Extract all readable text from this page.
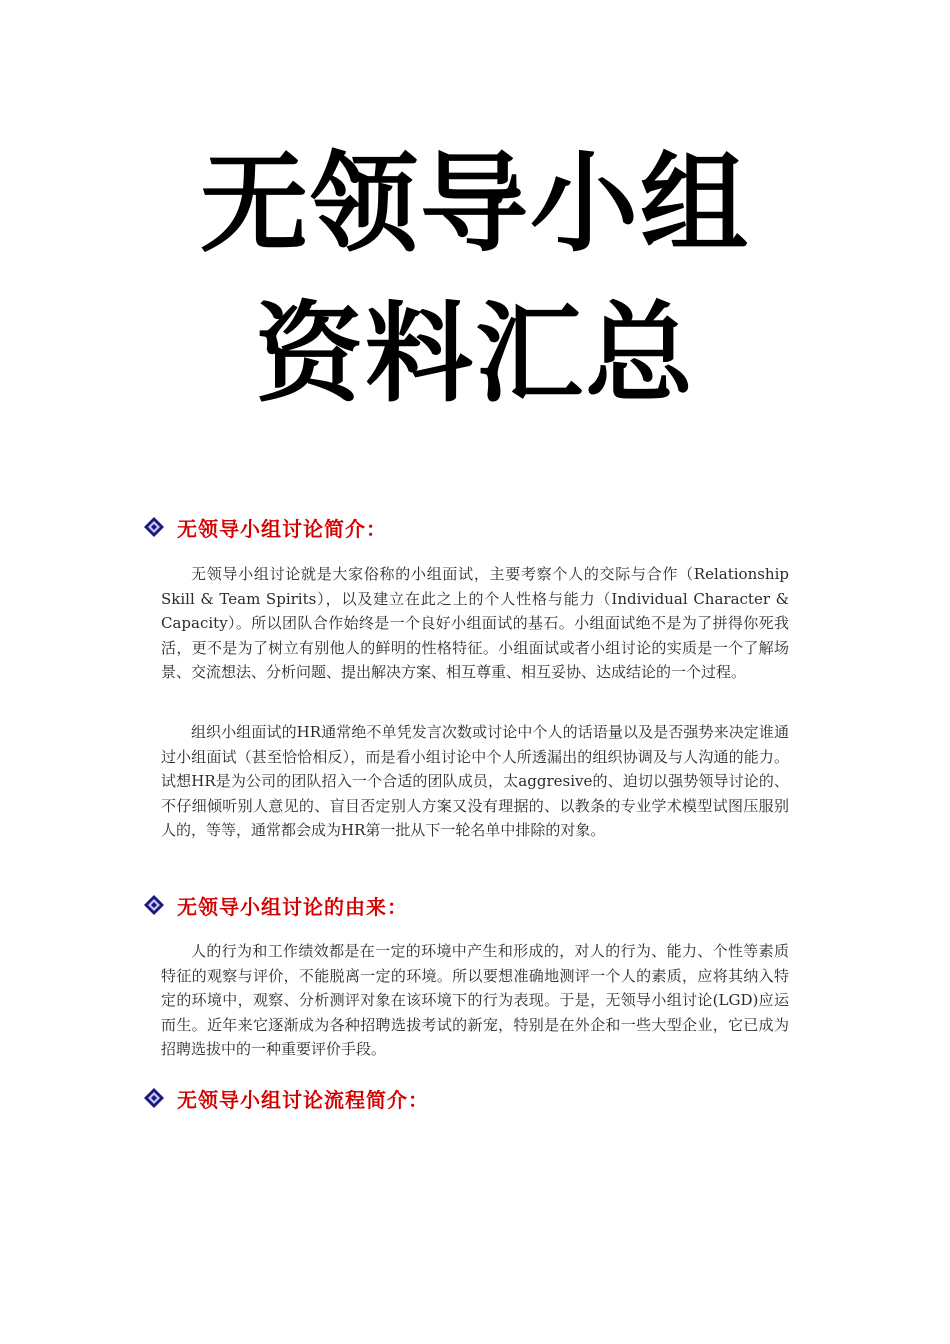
无领导小组
资料汇总
无领导小组讨论简介：

无领导小组讨论就是大家俗称的小组面试，主要考察个人的交际与合作（Relationship Skill & Team Spirits），以及建立在此之上的个人性格与能力（Individual Character & Capacity）。所以团队合作始终是一个良好小组面试的基石。小组面试绝不是为了拼得你死我活，更不是为了树立有别他人的鲜明的性格特征。小组面试或者小组讨论的实质是一个了解场景、交流想法、分析问题、提出解决方案、相互尊重、相互妥协、达成结论的一个过程。

组织小组面试的HR通常绝不单凭发言次数或讨论中个人的话语量以及是否强势来决定谁通过小组面试（甚至恰恰相反），而是看小组讨论中个人所透漏出的组织协调及与人沟通的能力。试想HR是为公司的团队招入一个合适的团队成员，太aggresive的、迫切以强势领导讨论的、不仔细倾听别人意见的、盲目否定别人方案又没有理据的、以教条的专业学术模型试图压服别人的，等等，通常都会成为HR第一批从下一轮名单中排除的对象。

无领导小组讨论的由来：

人的行为和工作绩效都是在一定的环境中产生和形成的，对人的行为、能力、个性等素质特征的观察与评价，不能脱离一定的环境。所以要想准确地测评一个人的素质，应将其纳入特定的环境中，观察、分析测评对象在该环境下的行为表现。于是，无领导小组讨论(LGD)应运而生。近年来它逐渐成为各种招聘选拔考试的新宠，特别是在外企和一些大型企业，它已成为招聘选拔中的一种重要评价手段。

无领导小组讨论流程简介：
